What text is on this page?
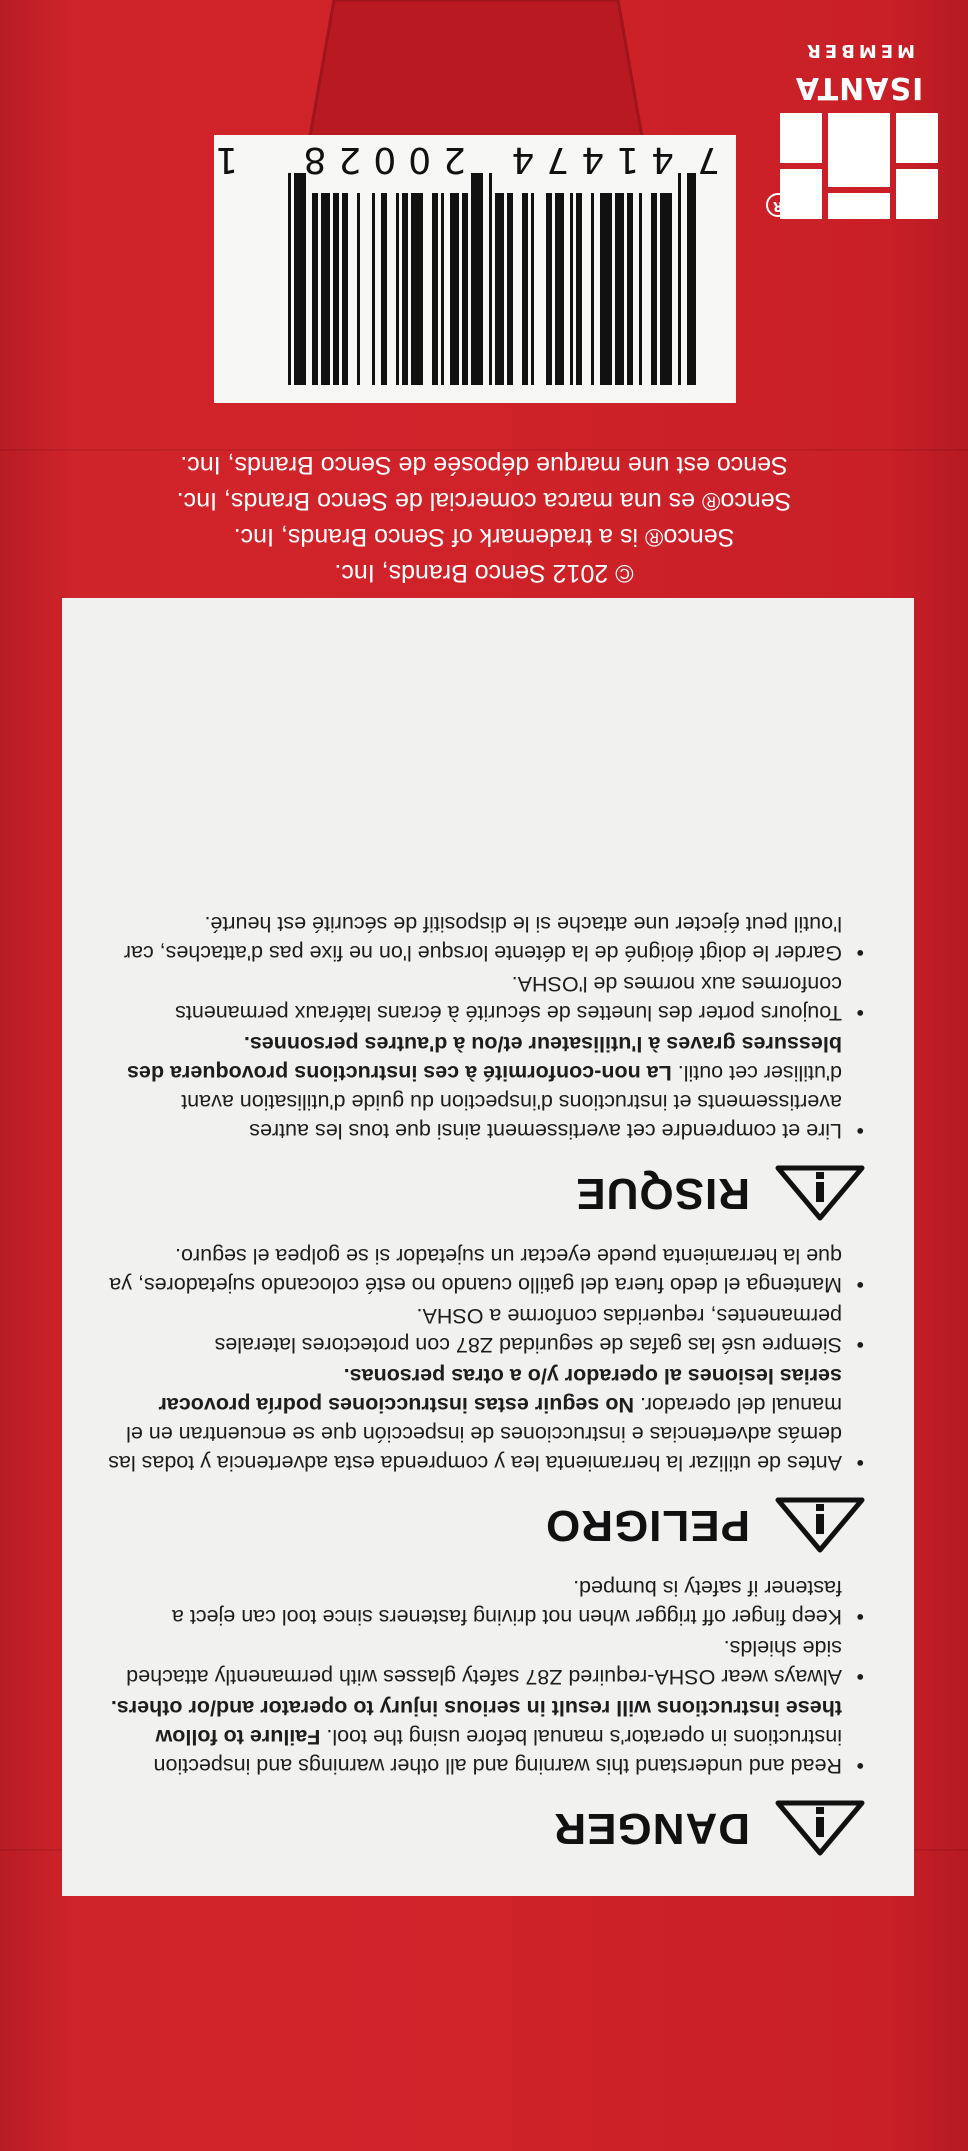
DANGER
• Read and understand this warning and all other warnings and inspection instructions in operator's manual before using the tool. Failure to follow these instructions will result in serious injury to operator and/or others.
• Always wear OSHA-required Z87 safety glasses with permanently attached side shields.
• Keep finger off trigger when not driving fasteners since tool can eject a fastener if safety is bumped.
PELIGRO
• Antes de utilizar la herramienta lea y comprenda esta advertencia y todas las demás advertencias e instrucciones de inspección que se encuentran en el manual del operador. No seguir estas instrucciones podría provocar serias lesiones al operador y/o a otras personas.
• Siempre usé las gafas de seguridad Z87 con protectores laterales permanentes, requeridas conforme a OSHA.
• Mantenga el dedo fuera del gatillo cuando no esté colocando sujetadores, ya que la herramienta puede eyectar un sujetador si se golpea el seguro.
RISQUE
• Lire et comprendre cet avertissement ainsi que tous les autres avertissements et instructions d'inspection du guide d'utilisation avant d'utiliser cet outil. La non-conformité à ces instructions provoquera des blessures graves à l'utilisateur et/ou à d'autres personnes.
• Toujours porter des lunettes de sécurité à écrans latéraux permanents conformes aux normes de l'OSHA.
• Garder le doigt éloigné de la détente lorsque l'on ne fixe pas d'attaches, car l'outil peut éjecter une attache si le dispositif de sécurité est heurté.
© 2012 Senco Brands, Inc.
Senco® is a trademark of Senco Brands, Inc.
Senco® es una marca comercial de Senco Brands, Inc.
Senco est une marque déposée de Senco Brands, Inc.
7
41474
20028
1
ISANTA
MEMBER
R
